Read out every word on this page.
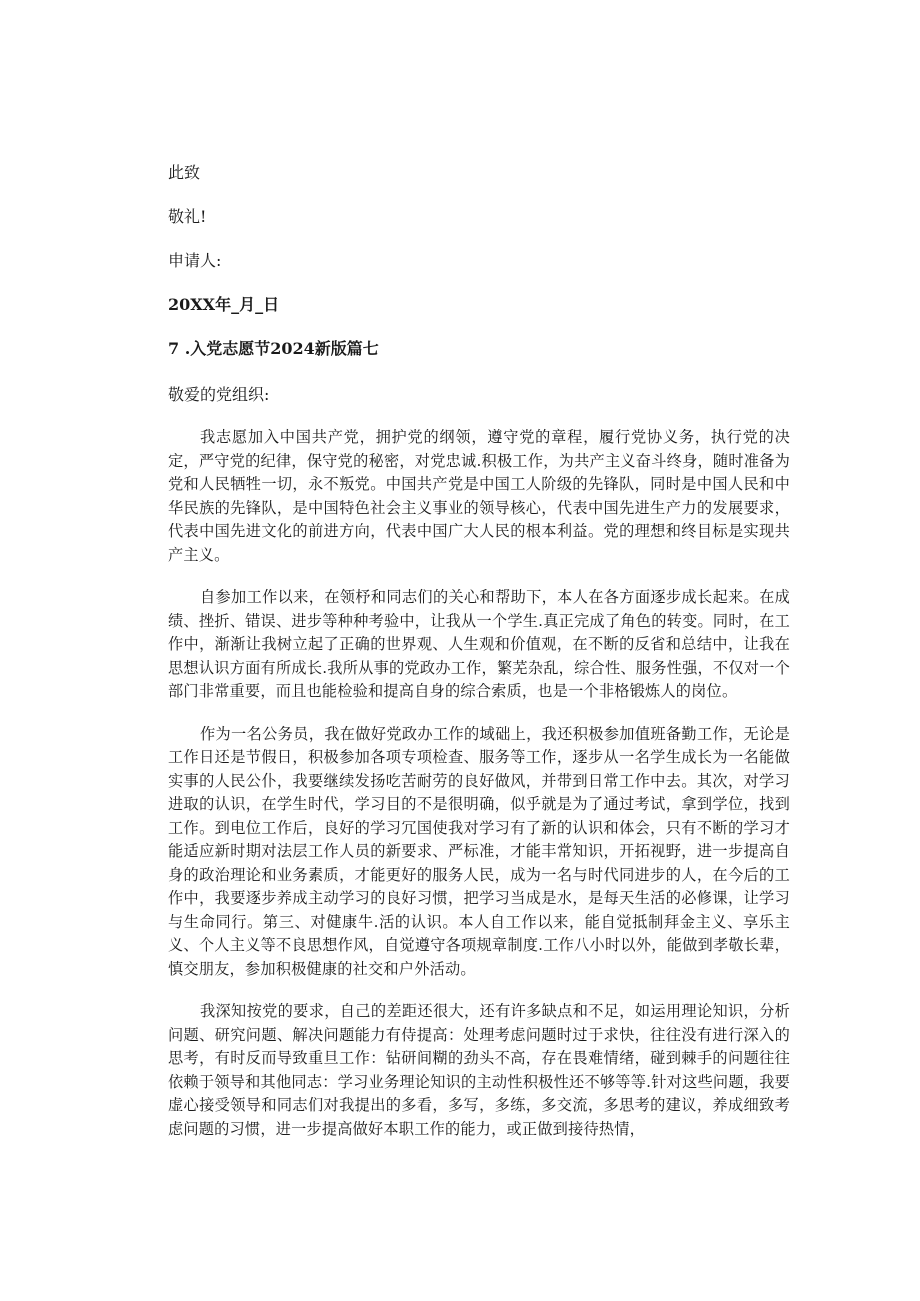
此致

敬礼!

申请人:

20XX年_月_日

7 .入党志愿节2024新版篇七

敬爱的党组织:

我志愿加入中国共产党，拥护党的纲领，遵守党的章程，履行党协义务，执行党的决定，严守党的纪律，保守党的秘密，对党忠诚.积极工作，为共产主义奋斗终身，随时准备为党和人民牺牲一切，永不叛党。中国共产党是中国工人阶级的先锋队，同时是中国人民和中华民族的先锋队，是中国特色社会主义事业的领导核心，代表中国先进生产力的发展要求，代表中国先进文化的前进方向，代表中国广大人民的根本利益。党的理想和终目标是实现共产主义。

自参加工作以来，在领杼和同志们的关心和帮助下，本人在各方面逐步成长起来。在成绩、挫折、错误、进步等种种考验中，让我从一个学生.真正完成了角色的转变。同时，在工作中，渐渐让我树立起了正确的世界观、人生观和价值观，在不断的反省和总结中，让我在思想认识方面有所成长.我所从事的党政办工作，繁芜杂乱，综合性、服务性强，不仅对一个部门非常重要，而且也能检验和提高自身的综合索质，也是一个非格锻炼人的岗位。

作为一名公务员，我在做好党政办工作的域础上，我还积极参加值班备勤工作，无论是工作日还是节假日，积极参加各项专项检查、服务等工作，逐步从一名学生成长为一名能做实事的人民公仆，我要继续发扬吃苦耐劳的良好做风，并带到日常工作中去。其次，对学习进取的认识，在学生时代，学习目的不是很明确，似乎就是为了通过考试，拿到学位，找到工作。到电位工作后，良好的学习冗国使我对学习有了新的认识和体会，只有不断的学习才能适应新时期对法层工作人员的新要求、严标准，才能丰常知识，开拓视野，进一步提高自身的政治理论和业务素质，才能更好的服务人民，成为一名与时代同进步的人，在今后的工作中，我要逐步养成主动学习的良好习惯，把学习当成是水，是每天生活的必修课，让学习与生命同行。第三、对健康牛.活的认识。本人自工作以来，能自觉抵制拜金主义、享乐主义、个人主义等不良思想作风，自觉遵守各项规章制度.工作八小时以外，能做到孝敬长辈，慎交朋友，参加积极健康的社交和户外活动。

我深知按党的要求，自己的差距还很大，还有许多缺点和不足，如运用理论知识，分析问题、研究问题、解决问题能力有侍提高：处理考虑问题时过于求快，往往没有进行深入的思考，有时反而导致重旦工作：钻研间糊的劲头不高，存在畏难情绪，碰到棘手的问题往往依赖于领导和其他同志：学习业务理论知识的主动性积极性还不够等等.针对这些问题，我要虚心接受领导和同志们对我提出的多看，多写，多练，多交流，多思考的建议，养成细致考虑问题的习惯，进一步提高做好本职工作的能力，或正做到接待热情，
